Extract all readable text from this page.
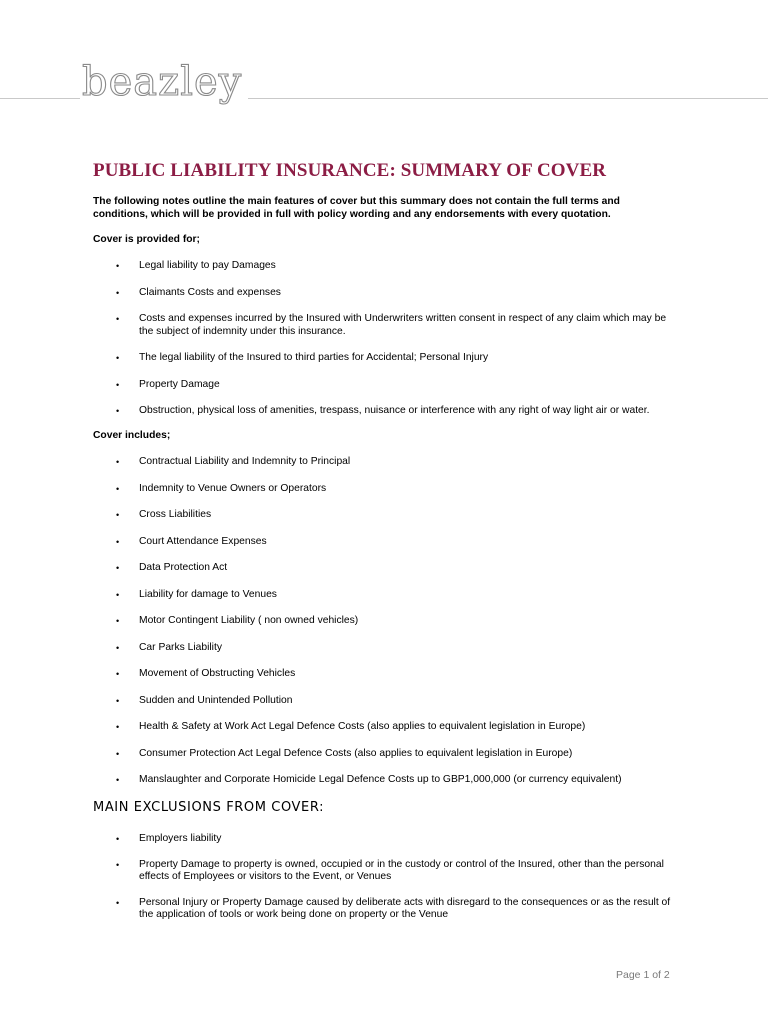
beazley
PUBLIC LIABILITY INSURANCE: SUMMARY OF COVER

The following notes outline the main features of cover but this summary does not contain the full terms and conditions, which will be provided in full with policy wording and any endorsements with every quotation.

Cover is provided for;

• Legal liability to pay Damages
• Claimants Costs and expenses
• Costs and expenses incurred by the Insured with Underwriters written consent in respect of any claim which may be the subject of indemnity under this insurance.
• The legal liability of the Insured to third parties for Accidental; Personal Injury
• Property Damage
• Obstruction, physical loss of amenities, trespass, nuisance or interference with any right of way light air or water.

Cover includes;

• Contractual Liability and Indemnity to Principal
• Indemnity to Venue Owners or Operators
• Cross Liabilities
• Court Attendance Expenses
• Data Protection Act
• Liability for damage to Venues
• Motor Contingent Liability ( non owned vehicles)
• Car Parks Liability
• Movement of Obstructing Vehicles
• Sudden and Unintended Pollution
• Health & Safety at Work Act Legal Defence Costs (also applies to equivalent legislation in Europe)
• Consumer Protection Act Legal Defence Costs (also applies to equivalent legislation in Europe)
• Manslaughter and Corporate Homicide Legal Defence Costs up to GBP1,000,000 (or currency equivalent)
MAIN EXCLUSIONS FROM COVER:
• Employers liability
• Property Damage to property is owned, occupied or in the custody or control of the Insured, other than the personal effects of Employees or visitors to the Event, or Venues
• Personal Injury or Property Damage caused by deliberate acts with disregard to the consequences or as the result of the application of tools or work being done on property or the Venue
Page 1 of 2
